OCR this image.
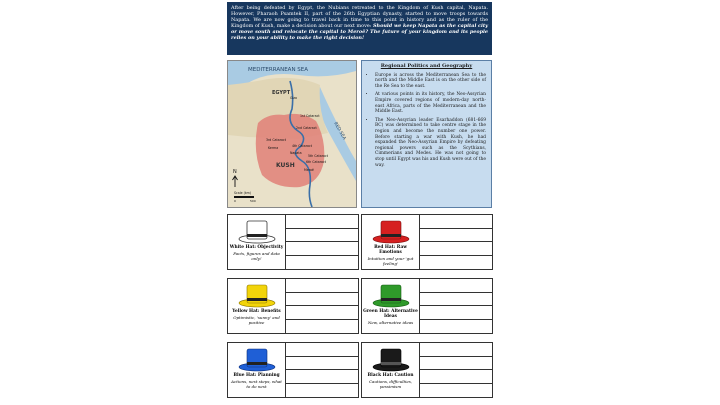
After being defeated by Egypt, the Nubians retreated to the Kingdom of Kush capital, Napata. However, Pharaoh Psamtek II, part of the 26th Egyptian dynasty, started to move troops towards Napata. We are now going to travel back in time to this point in history and as the ruler of the Kingdom of Kush, make a decision about our next move: Should we keep Napata as the capital city or move south and relocate the capital to Meroë? The future of your kingdom and its people relies on your ability to make the right decision!
MEDITERRANEAN SEA
EGYPT
RED SEA
KUSH
Giza
1st Cataract
2nd Cataract
3rd Cataract
4th Cataract
Kerma
Napata
5th Cataract
6th Cataract
Meroë
N
Scale (km)
0	500
Regional Politics and Geography
• Europe is across the Mediterranean Sea to the north and the Middle East is on the other side of the Re Sea to the east.
• At various points in its history, the Neo-Assyrian Empire covered regions of modern-day north-east Africa, parts of the Mediterranean and the Middle East.
• The Neo-Assyrian leader Esarhaddon (681-669 BC) was determined to take centre stage in the region and become the number one power. Before starting a war with Kush, he had expanded the Neo-Assyrian Empire by defeating regional powers such as the Scythians, Cimmerians and Medes. He was not going to stop until Egypt was his and Kush were out of the way.
White Hat: Objectivity
Facts, figures and data only!
Red Hat: Raw Emotions
Intuition and your 'gut feeling'
Yellow Hat: Benefits
Optimistic, 'sunny' and positive
Green Hat: Alternative Ideas
New, alternative ideas
Blue Hat: Planning
Actions, next steps, what to do next
Black Hat: Caution
Cautions, difficulties, pessimism
